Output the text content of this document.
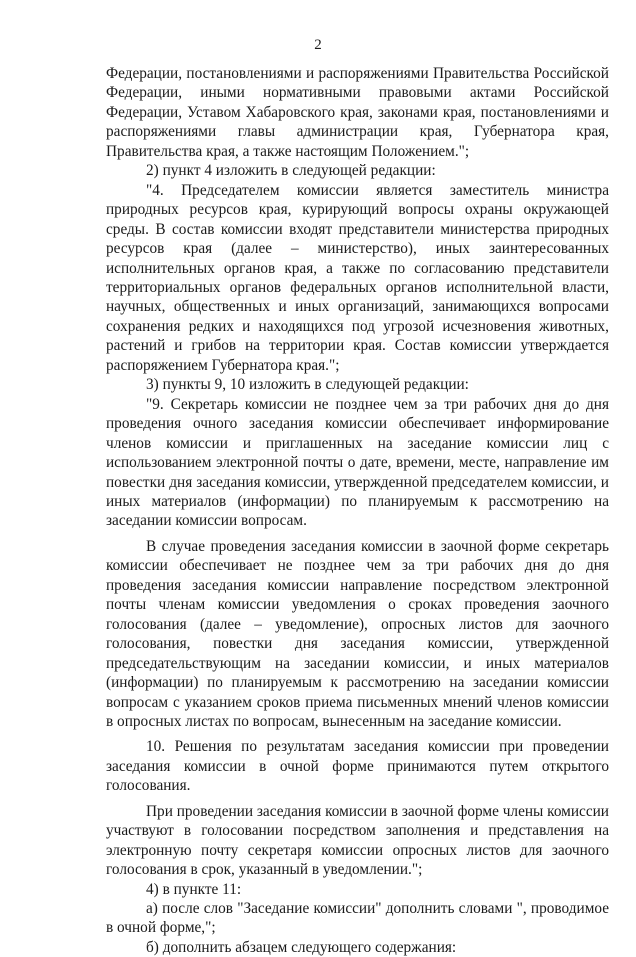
2

Федерации, постановлениями и распоряжениями Правительства Российской Федерации, иными нормативными правовыми актами Российской Федерации, Уставом Хабаровского края, законами края, постановлениями и распоряжениями главы администрации края, Губернатора края, Правительства края, а также настоящим Положением.";

2) пункт 4 изложить в следующей редакции:

"4. Председателем комиссии является заместитель министра природных ресурсов края, курирующий вопросы охраны окружающей среды. В состав комиссии входят представители министерства природных ресурсов края (далее – министерство), иных заинтересованных исполнительных органов края, а также по согласованию представители территориальных органов федеральных органов исполнительной власти, научных, общественных и иных организаций, занимающихся вопросами сохранения редких и находящихся под угрозой исчезновения животных, растений и грибов на территории края. Состав комиссии утверждается распоряжением Губернатора края.";

3) пункты 9, 10 изложить в следующей редакции:

"9. Секретарь комиссии не позднее чем за три рабочих дня до дня проведения очного заседания комиссии обеспечивает информирование членов комиссии и приглашенных на заседание комиссии лиц с использованием электронной почты о дате, времени, месте, направление им повестки дня заседания комиссии, утвержденной председателем комиссии, и иных материалов (информации) по планируемым к рассмотрению на заседании комиссии вопросам.

В случае проведения заседания комиссии в заочной форме секретарь комиссии обеспечивает не позднее чем за три рабочих дня до дня проведения заседания комиссии направление посредством электронной почты членам комиссии уведомления о сроках проведения заочного голосования (далее – уведомление), опросных листов для заочного голосования, повестки дня заседания комиссии, утвержденной председательствующим на заседании комиссии, и иных материалов (информации) по планируемым к рассмотрению на заседании комиссии вопросам с указанием сроков приема письменных мнений членов комиссии в опросных листах по вопросам, вынесенным на заседание комиссии.

10. Решения по результатам заседания комиссии при проведении заседания комиссии в очной форме принимаются путем открытого голосования.

При проведении заседания комиссии в заочной форме члены комиссии участвуют в голосовании посредством заполнения и представления на электронную почту секретаря комиссии опросных листов для заочного голосования в срок, указанный в уведомлении.";

4) в пункте 11:

а) после слов "Заседание комиссии" дополнить словами ", проводимое в очной форме,";

б) дополнить абзацем следующего содержания:
